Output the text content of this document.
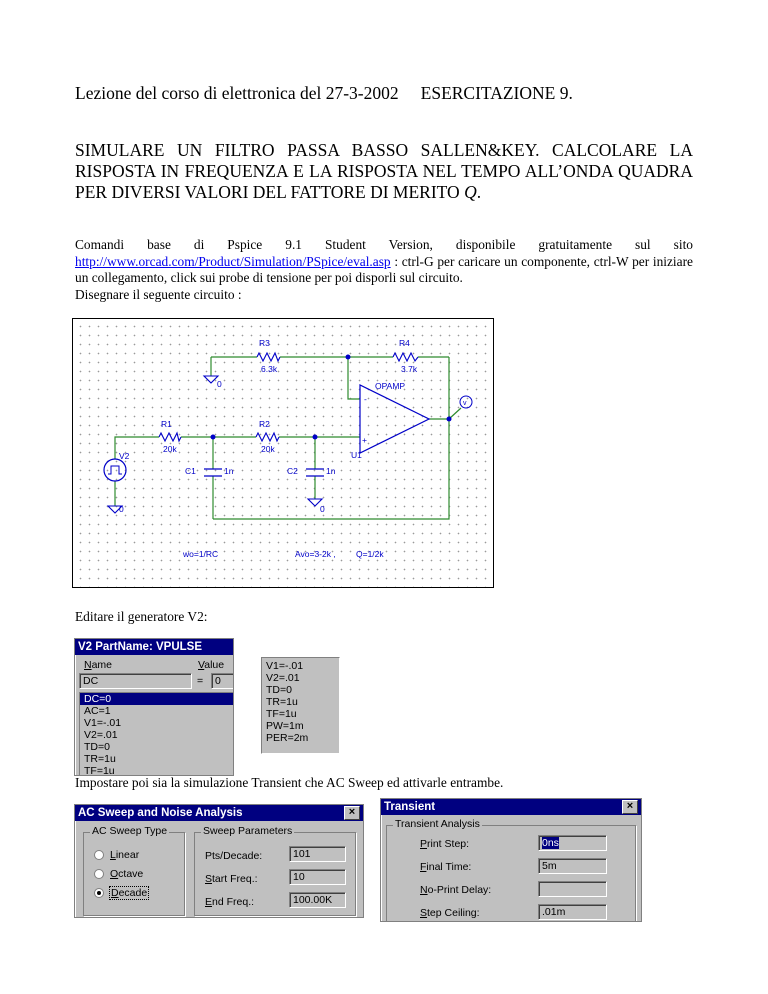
Lezione del corso di elettronica del 27-3-2002 ESERCITAZIONE 9.
SIMULARE UN FILTRO PASSA BASSO SALLEN&KEY. CALCOLARE LA RISPOSTA IN FREQUENZA E LA RISPOSTA NEL TEMPO ALL’ONDA QUADRA PER DIVERSI VALORI DEL FATTORE DI MERITO Q.
Comandi base di Pspice 9.1 Student Version, disponibile gratuitamente sul sito http://www.orcad.com/Product/Simulation/PSpice/eval.asp : ctrl-G per caricare un componente, ctrl-W per iniziare un collegamento, click sui probe di tensione per poi disporli sul circuito.
Disegnare il seguente circuito :
v
R3
6.3k
R4
3.7k
R1
20k
R2
20k
C1	1n	C2	1n
OPAMP
U1
V2
0
0	0
-
+
wo=1/RC	Avo=3-2k , Q=1/2k
Editare il generatore V2:
V2 PartName: VPULSE
Name	Value
DC	=	0
DC=0
AC=1
V1=-.01
V2=.01
TD=0
TR=1u
TF=1u
V1=-.01
V2=.01
TD=0
TR=1u
TF=1u
PW=1m
PER=2m
Impostare poi sia la simulazione Transient che AC Sweep ed attivarle entrambe.
AC Sweep and Noise Analysis	×
AC Sweep Type
Linear
Octave
Decade
Sweep Parameters
Pts/Decade:	101
Start Freq.:	10
End Freq.:	100.00K
Transient	×
Transient Analysis
Print Step:	0ns
Final Time:	5m
No-Print Delay:
Step Ceiling:	.01m
